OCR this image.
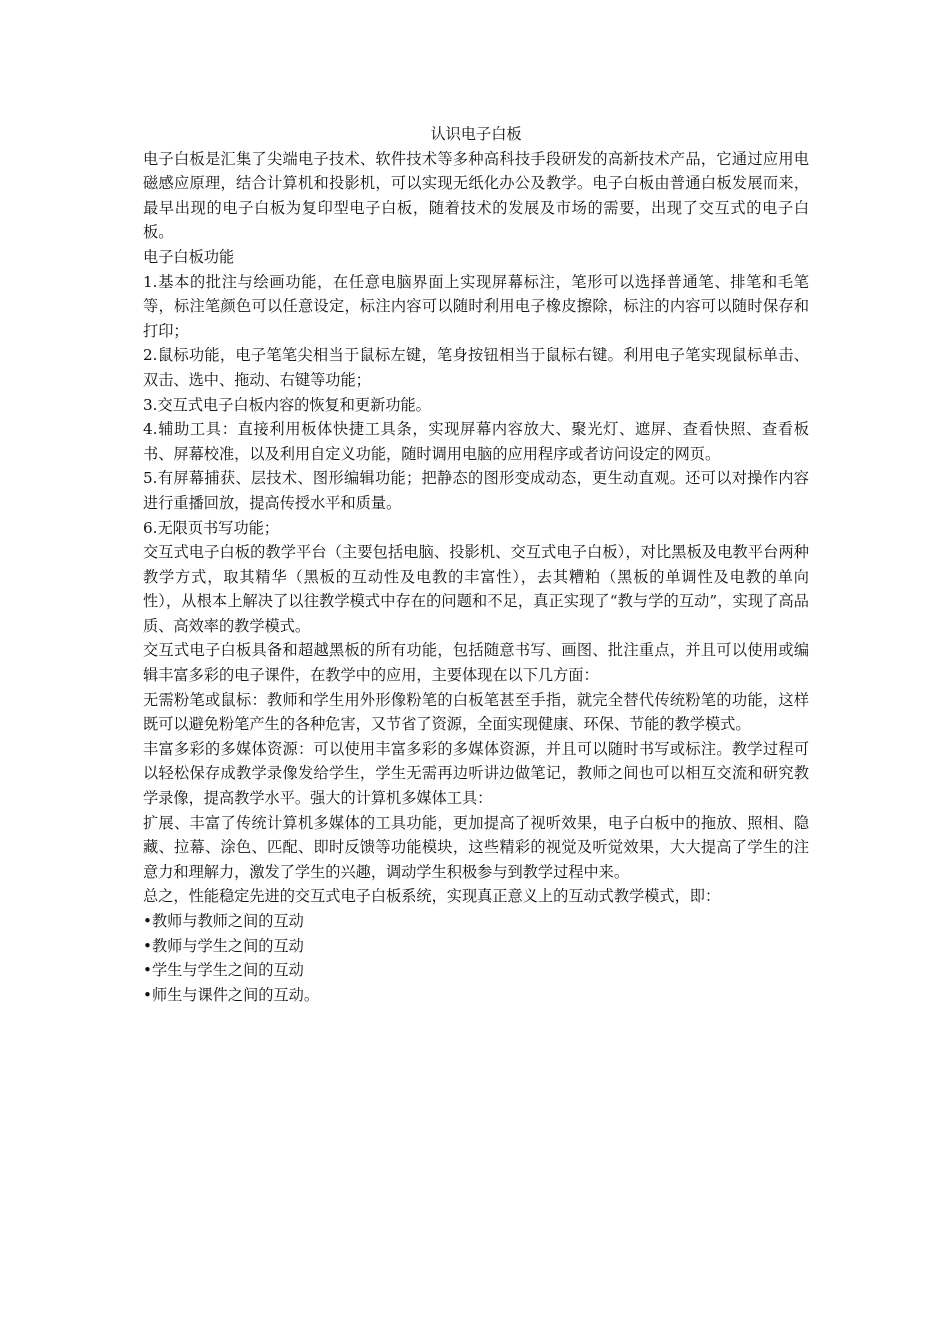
认识电子白板

电子白板是汇集了尖端电子技术、软件技术等多种高科技手段研发的高新技术产品，它通过应用电磁感应原理，结合计算机和投影机，可以实现无纸化办公及教学。电子白板由普通白板发展而来，最早出现的电子白板为复印型电子白板，随着技术的发展及市场的需要，出现了交互式的电子白板。

电子白板功能

1.基本的批注与绘画功能，在任意电脑界面上实现屏幕标注，笔形可以选择普通笔、排笔和毛笔等，标注笔颜色可以任意设定，标注内容可以随时利用电子橡皮擦除，标注的内容可以随时保存和打印；

2.鼠标功能，电子笔笔尖相当于鼠标左键，笔身按钮相当于鼠标右键。利用电子笔实现鼠标单击、双击、选中、拖动、右键等功能；

3.交互式电子白板内容的恢复和更新功能。

4.辅助工具：直接利用板体快捷工具条，实现屏幕内容放大、聚光灯、遮屏、查看快照、查看板书、屏幕校准，以及利用自定义功能，随时调用电脑的应用程序或者访问设定的网页。

5.有屏幕捕获、层技术、图形编辑功能；把静态的图形变成动态，更生动直观。还可以对操作内容进行重播回放，提高传授水平和质量。

6.无限页书写功能；

交互式电子白板的教学平台（主要包括电脑、投影机、交互式电子白板），对比黑板及电教平台两种教学方式，取其精华（黑板的互动性及电教的丰富性），去其糟粕（黑板的单调性及电教的单向性），从根本上解决了以往教学模式中存在的问题和不足，真正实现了“教与学的互动”，实现了高品质、高效率的教学模式。

交互式电子白板具备和超越黑板的所有功能，包括随意书写、画图、批注重点，并且可以使用或编辑丰富多彩的电子课件，在教学中的应用，主要体现在以下几方面：

无需粉笔或鼠标：教师和学生用外形像粉笔的白板笔甚至手指，就完全替代传统粉笔的功能，这样既可以避免粉笔产生的各种危害，又节省了资源，全面实现健康、环保、节能的教学模式。

丰富多彩的多媒体资源：可以使用丰富多彩的多媒体资源，并且可以随时书写或标注。教学过程可以轻松保存成教学录像发给学生，学生无需再边听讲边做笔记，教师之间也可以相互交流和研究教学录像，提高教学水平。强大的计算机多媒体工具：

扩展、丰富了传统计算机多媒体的工具功能，更加提高了视听效果，电子白板中的拖放、照相、隐藏、拉幕、涂色、匹配、即时反馈等功能模块，这些精彩的视觉及听觉效果，大大提高了学生的注意力和理解力，激发了学生的兴趣，调动学生积极参与到教学过程中来。

总之，性能稳定先进的交互式电子白板系统，实现真正意义上的互动式教学模式，即：

•教师与教师之间的互动
•教师与学生之间的互动
•学生与学生之间的互动
•师生与课件之间的互动。
